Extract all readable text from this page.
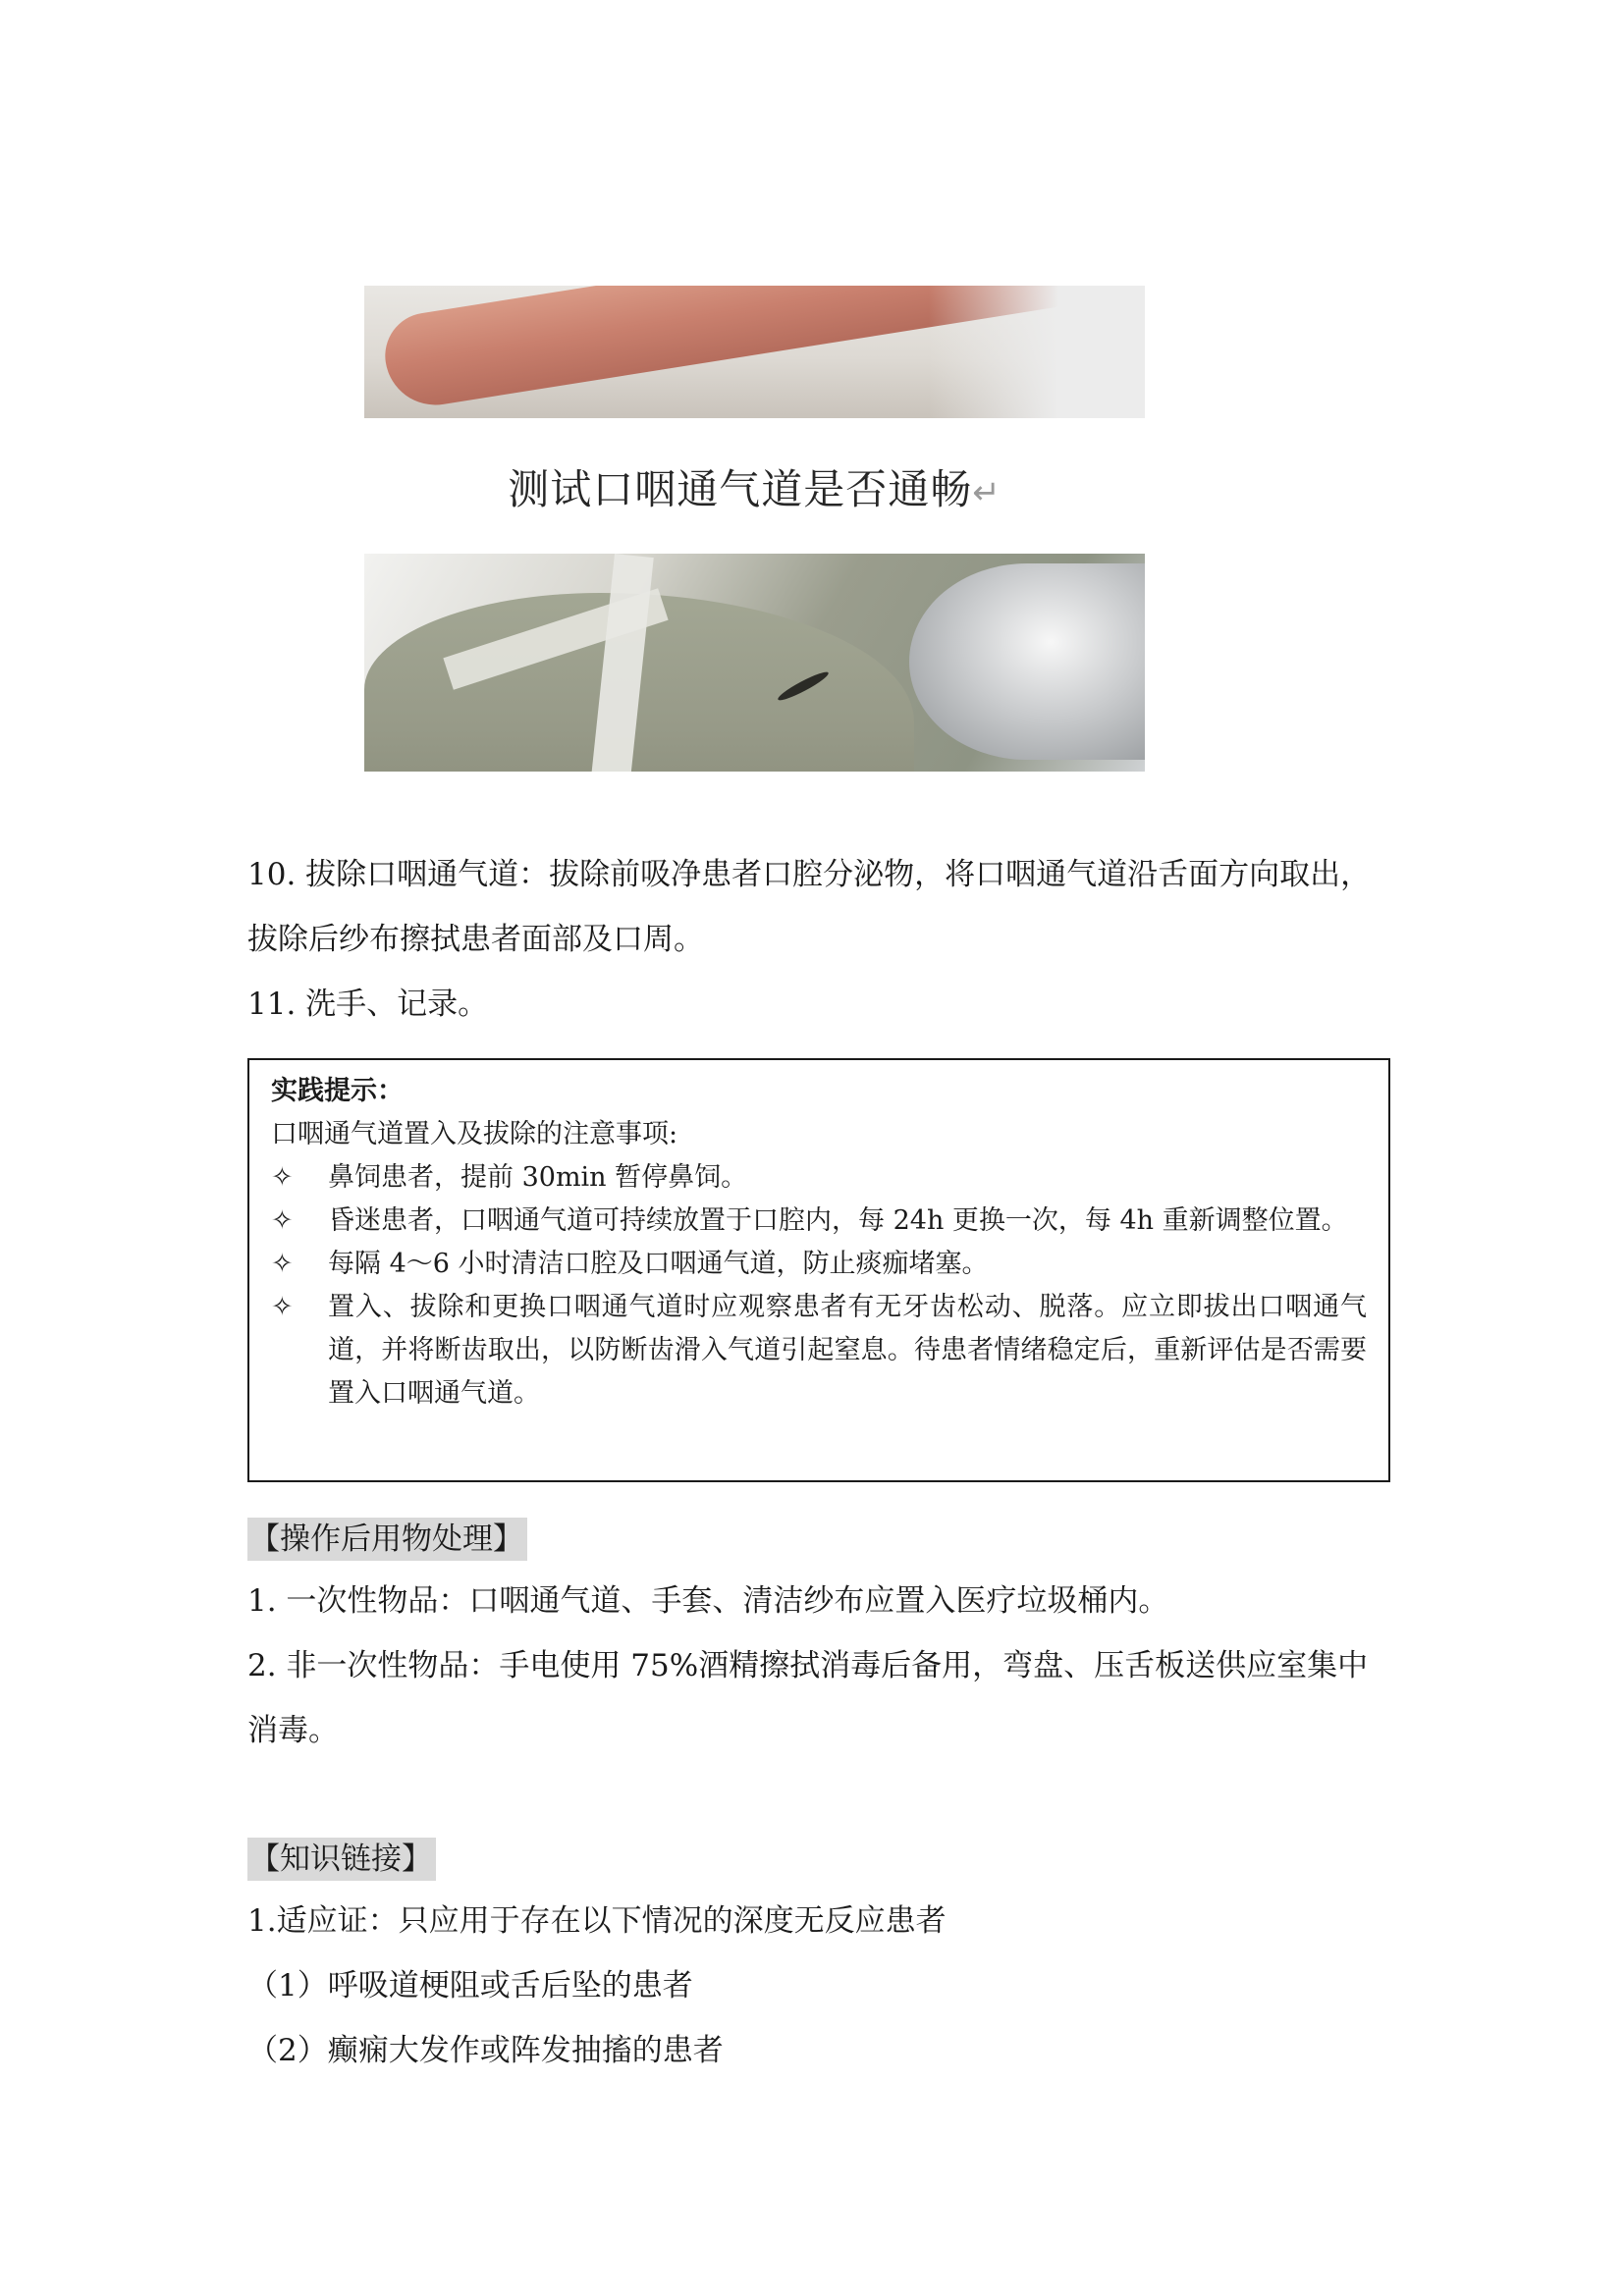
测试口咽通气道是否通畅↵

10. 拔除口咽通气道：拔除前吸净患者口腔分泌物，将口咽通气道沿舌面方向取出，拔除后纱布擦拭患者面部及口周。

11. 洗手、记录。

实践提示：
口咽通气道置入及拔除的注意事项:
✧	鼻饲患者，提前 30min 暂停鼻饲。
✧	昏迷患者，口咽通气道可持续放置于口腔内，每 24h 更换一次，每 4h 重新调整位置。
✧	每隔 4～6 小时清洁口腔及口咽通气道，防止痰痂堵塞。
✧	置入、拔除和更换口咽通气道时应观察患者有无牙齿松动、脱落。应立即拔出口咽通气道，并将断齿取出，以防断齿滑入气道引起窒息。待患者情绪稳定后，重新评估是否需要置入口咽通气道。
【操作后用物处理】

1. 一次性物品：口咽通气道、手套、清洁纱布应置入医疗垃圾桶内。

2. 非一次性物品：手电使用 75%酒精擦拭消毒后备用，弯盘、压舌板送供应室集中消毒。

【知识链接】

1.适应证：只应用于存在以下情况的深度无反应患者

（1）呼吸道梗阻或舌后坠的患者

（2）癫痫大发作或阵发抽搐的患者
